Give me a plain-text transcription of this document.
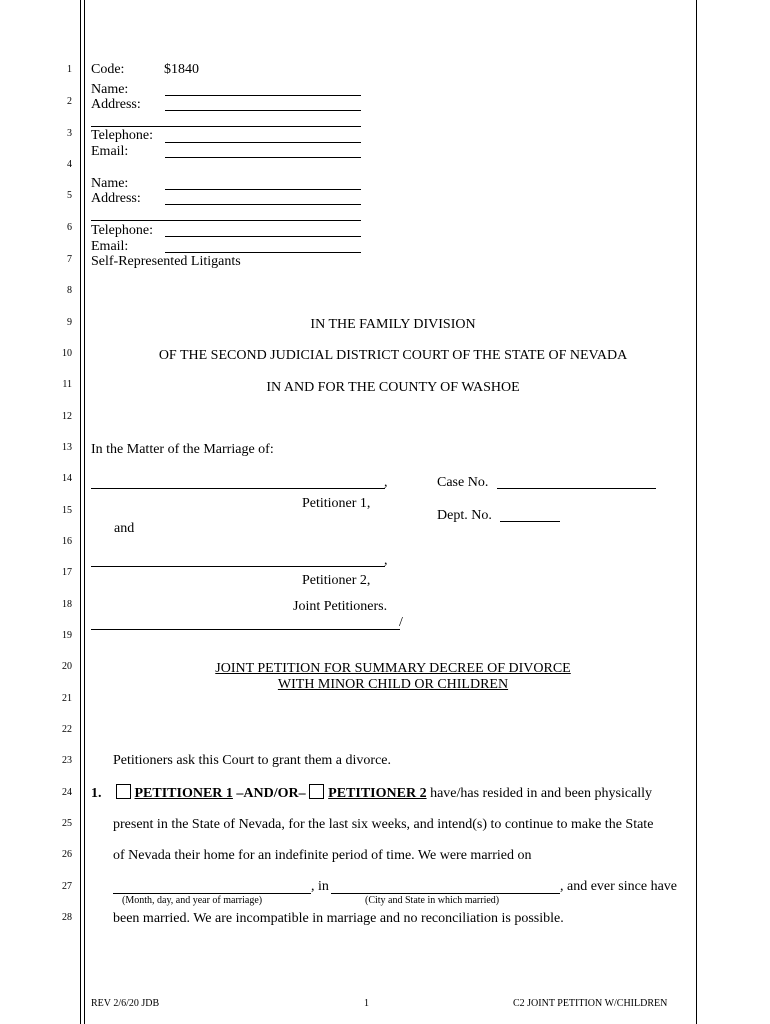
1
2
3
4
5
6
7
8
9
10
11
12
13
14
15
16
17
18
19
20
21
22
23
24
25
26
27
28
Code:	$1840
Name:
Address:
Telephone:
Email:
Name:
Address:
Telephone:
Email:
Self-Represented Litigants
IN THE FAMILY DIVISION
OF THE SECOND JUDICIAL DISTRICT COURT OF THE STATE OF NEVADA
IN AND FOR THE COUNTY OF WASHOE
In the Matter of the Marriage of:
,
Petitioner 1,
and
,
Petitioner 2,
Joint Petitioners.
/
Case No.
Dept. No.
JOINT PETITION FOR SUMMARY DECREE OF DIVORCE
WITH MINOR CHILD OR CHILDREN
Petitioners ask this Court to grant them a divorce.
1. PETITIONER 1 –AND/OR– PETITIONER 2 have/has resided in and been physically
present in the State of Nevada, for the last six weeks, and intend(s) to continue to make the State
of Nevada their home for an indefinite period of time. We were married on
, in	, and ever since have
(Month, day, and year of marriage)	(City and State in which married)
been married. We are incompatible in marriage and no reconciliation is possible.
REV 2/6/20 JDB	1	C2 JOINT PETITION W/CHILDREN
